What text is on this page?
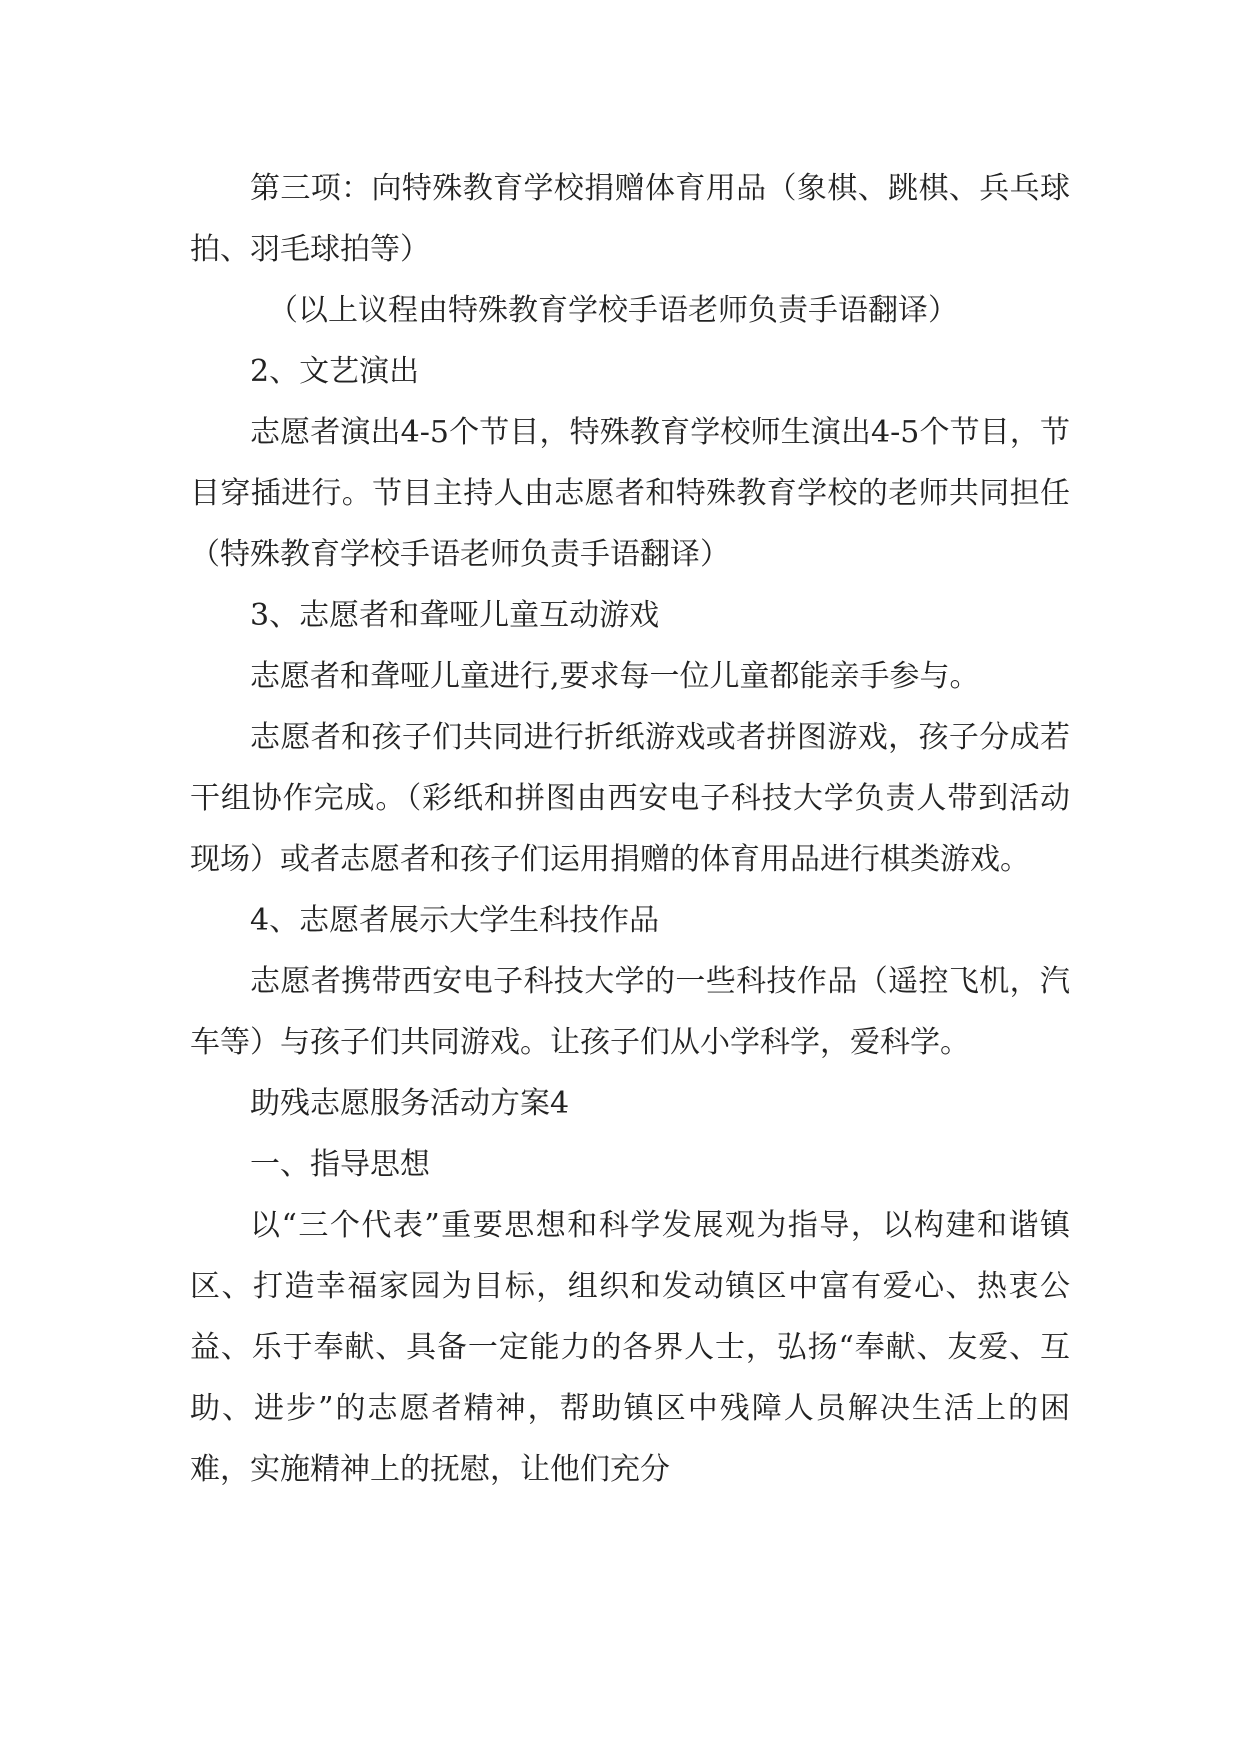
第三项：向特殊教育学校捐赠体育用品（象棋、跳棋、兵乓球拍、羽毛球拍等）

（以上议程由特殊教育学校手语老师负责手语翻译）

2、文艺演出

志愿者演出4-5个节目，特殊教育学校师生演出4-5个节目，节目穿插进行。节目主持人由志愿者和特殊教育学校的老师共同担任（特殊教育学校手语老师负责手语翻译）

3、志愿者和聋哑儿童互动游戏

志愿者和聋哑儿童进行,要求每一位儿童都能亲手参与。

志愿者和孩子们共同进行折纸游戏或者拼图游戏，孩子分成若干组协作完成。（彩纸和拼图由西安电子科技大学负责人带到活动现场）或者志愿者和孩子们运用捐赠的体育用品进行棋类游戏。

4、志愿者展示大学生科技作品

志愿者携带西安电子科技大学的一些科技作品（遥控飞机，汽车等）与孩子们共同游戏。让孩子们从小学科学，爱科学。

助残志愿服务活动方案4

一、指导思想

以“三个代表”重要思想和科学发展观为指导，以构建和谐镇区、打造幸福家园为目标，组织和发动镇区中富有爱心、热衷公益、乐于奉献、具备一定能力的各界人士，弘扬“奉献、友爱、互助、进步”的志愿者精神，帮助镇区中残障人员解决生活上的困难，实施精神上的抚慰，让他们充分
